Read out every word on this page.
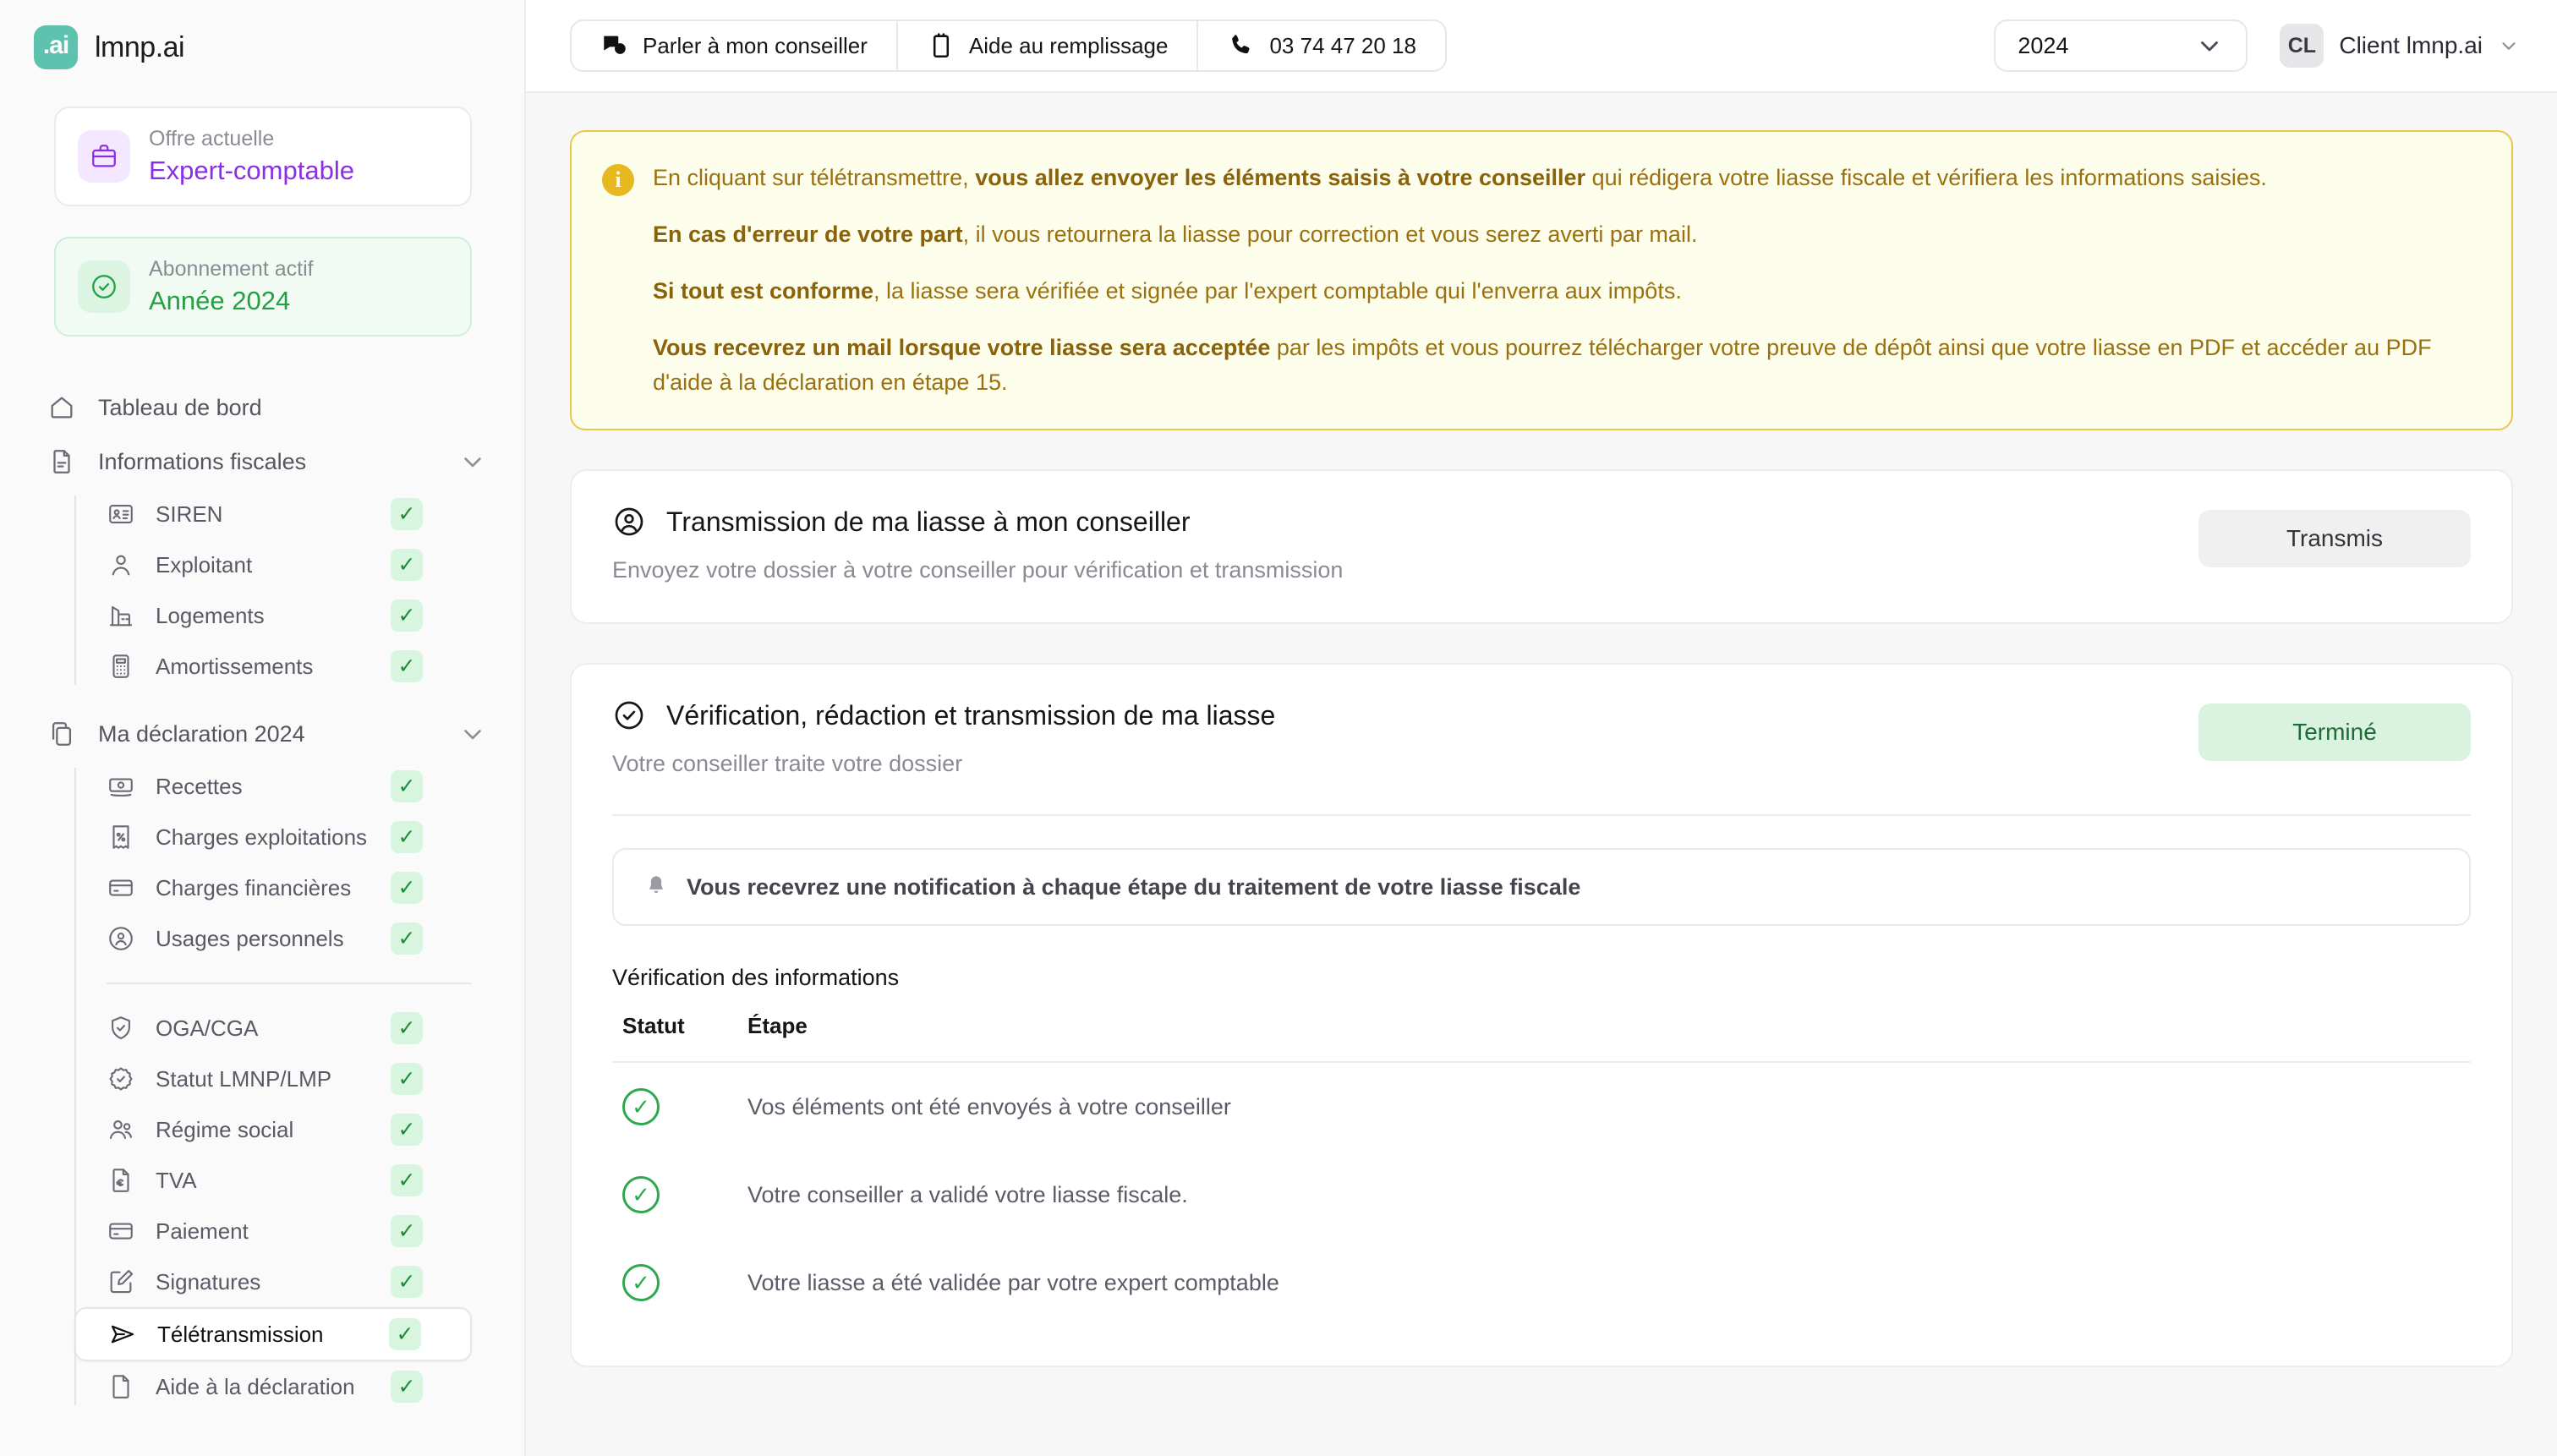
.ai lmnp.ai
Offre actuelle
Expert-comptable
Abonnement actif
Année 2024
Tableau de bord
Informations fiscales
SIREN	✓
Exploitant	✓
Logements	✓
Amortissements	✓
Ma déclaration 2024
Recettes	✓
Charges exploitations	✓
Charges financières	✓
Usages personnels	✓
OGA/CGA	✓
Statut LMNP/LMP	✓
Régime social	✓
TVA	✓
Paiement	✓
Signatures	✓
Télétransmission	✓
Aide à la déclaration	✓
Parler à mon conseiller	Aide au remplissage	03 74 47 20 18	2024	CL Client lmnp.ai
i	En cliquant sur télétransmettre, vous allez envoyer les éléments saisis à votre conseiller qui rédigera votre liasse fiscale et vérifiera les informations saisies.

En cas d'erreur de votre part, il vous retournera la liasse pour correction et vous serez averti par mail.

Si tout est conforme, la liasse sera vérifiée et signée par l'expert comptable qui l'enverra aux impôts.

Vous recevrez un mail lorsque votre liasse sera acceptée par les impôts et vous pourrez télécharger votre preuve de dépôt ainsi que votre liasse en PDF et accéder au PDF d'aide à la déclaration en étape 15.

Transmission de ma liasse à mon conseiller
Envoyez votre dossier à votre conseiller pour vérification et transmission
Transmis
Vérification, rédaction et transmission de ma liasse
Votre conseiller traite votre dossier
Terminé
Vous recevrez une notification à chaque étape du traitement de votre liasse fiscale
Vérification des informations
Statut	Étape

✓	Vos éléments ont été envoyés à votre conseiller

✓	Votre conseiller a validé votre liasse fiscale.

✓	Votre liasse a été validée par votre expert comptable
